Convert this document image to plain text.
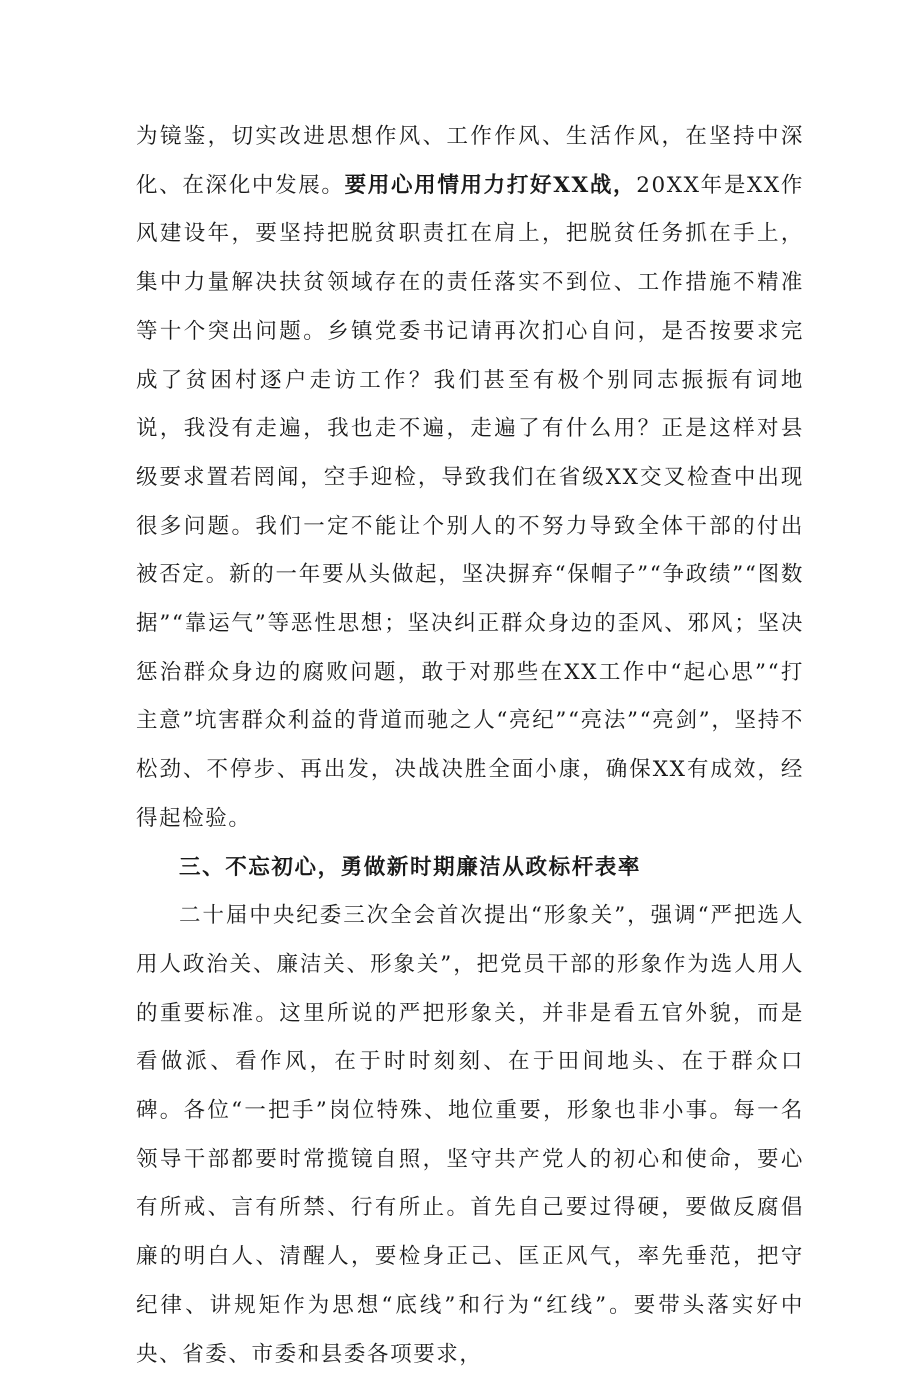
为镜鉴，切实改进思想作风、工作作风、生活作风，在坚持中深化、在深化中发展。要用心用情用力打好XX战，20XX年是XX作风建设年，要坚持把脱贫职责扛在肩上，把脱贫任务抓在手上，集中力量解决扶贫领域存在的责任落实不到位、工作措施不精准等十个突出问题。乡镇党委书记请再次扪心自问，是否按要求完成了贫困村逐户走访工作？我们甚至有极个别同志振振有词地说，我没有走遍，我也走不遍，走遍了有什么用？正是这样对县级要求置若罔闻，空手迎检，导致我们在省级XX交叉检查中出现很多问题。我们一定不能让个别人的不努力导致全体干部的付出被否定。新的一年要从头做起，坚决摒弃“保帽子”“争政绩”“图数据”“靠运气”等恶性思想；坚决纠正群众身边的歪风、邪风；坚决惩治群众身边的腐败问题，敢于对那些在XX工作中“起心思”“打主意”坑害群众利益的背道而驰之人“亮纪”“亮法”“亮剑”，坚持不松劲、不停步、再出发，决战决胜全面小康，确保XX有成效，经得起检验。

三、不忘初心，勇做新时期廉洁从政标杆表率

二十届中央纪委三次全会首次提出“形象关”，强调“严把选人用人政治关、廉洁关、形象关”，把党员干部的形象作为选人用人的重要标准。这里所说的严把形象关，并非是看五官外貌，而是看做派、看作风，在于时时刻刻、在于田间地头、在于群众口碑。各位“一把手”岗位特殊、地位重要，形象也非小事。每一名领导干部都要时常揽镜自照，坚守共产党人的初心和使命，要心有所戒、言有所禁、行有所止。首先自己要过得硬，要做反腐倡廉的明白人、清醒人，要检身正己、匡正风气，率先垂范，把守纪律、讲规矩作为思想“底线”和行为“红线”。要带头落实好中央、省委、市委和县委各项要求，
